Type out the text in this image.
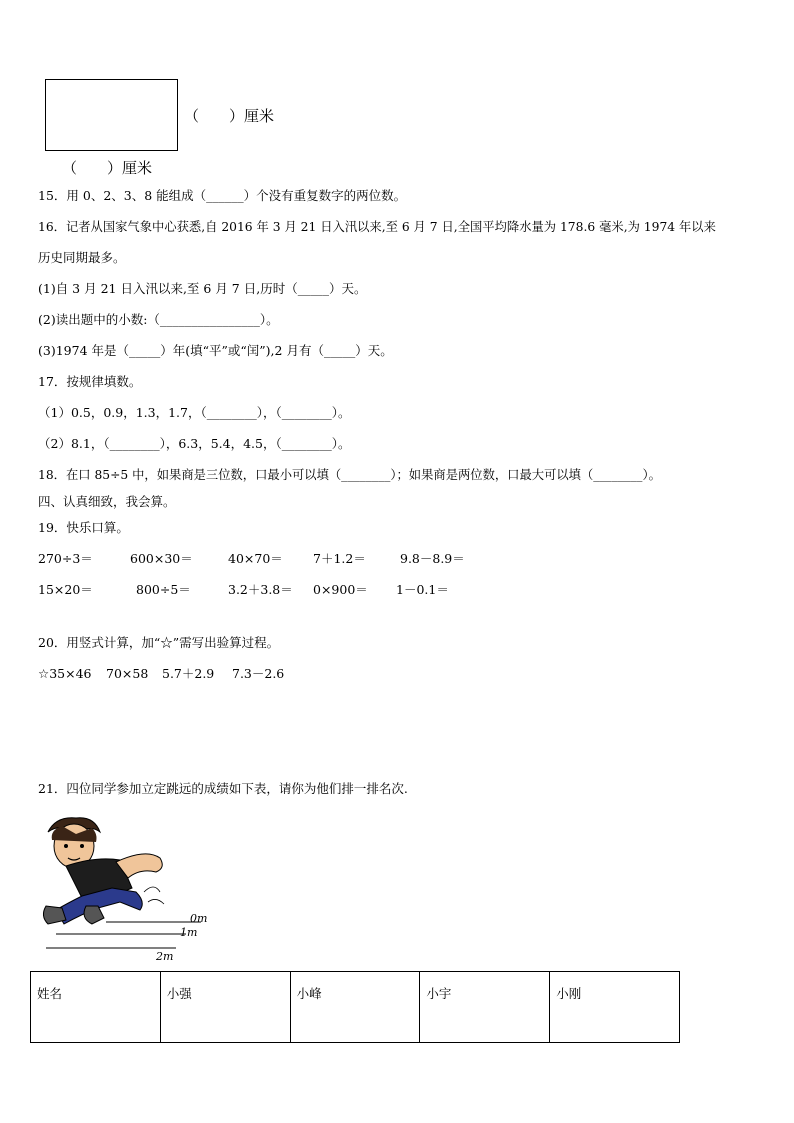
（　　）厘米
（　　）厘米
15．用 0、2、3、8 能组成（______）个没有重复数字的两位数。
16．记者从国家气象中心获悉,自 2016 年 3 月 21 日入汛以来,至 6 月 7 日,全国平均降水量为 178.6 毫米,为 1974 年以来
历史同期最多。
(1)自 3 月 21 日入汛以来,至 6 月 7 日,历时（_____）天。
(2)读出题中的小数:（________________）。
(3)1974 年是（_____）年(填“平”或“闰”),2 月有（_____）天。
17．按规律填数。
（1）0.5，0.9，1.3，1.7，（________），（________）。
（2）8.1，（________），6.3，5.4，4.5，（________）。
18．在口 85÷5 中，如果商是三位数，口最小可以填（________）；如果商是两位数，口最大可以填（________）。
四、认真细致，我会算。
19．快乐口算。
270÷3＝	600×30＝	40×70＝ 7＋1.2＝	9.8－8.9＝
15×20＝	800÷5＝	3.2＋3.8＝ 0×900＝ 1－0.1＝
20．用竖式计算，加“☆”需写出验算过程。
☆35×46 70×58 5.7＋2.9 7.3－2.6
21．四位同学参加立定跳远的成绩如下表，请你为他们排一排名次.
0m
1m
2m
姓名	小强	小峰	小宇	小刚
